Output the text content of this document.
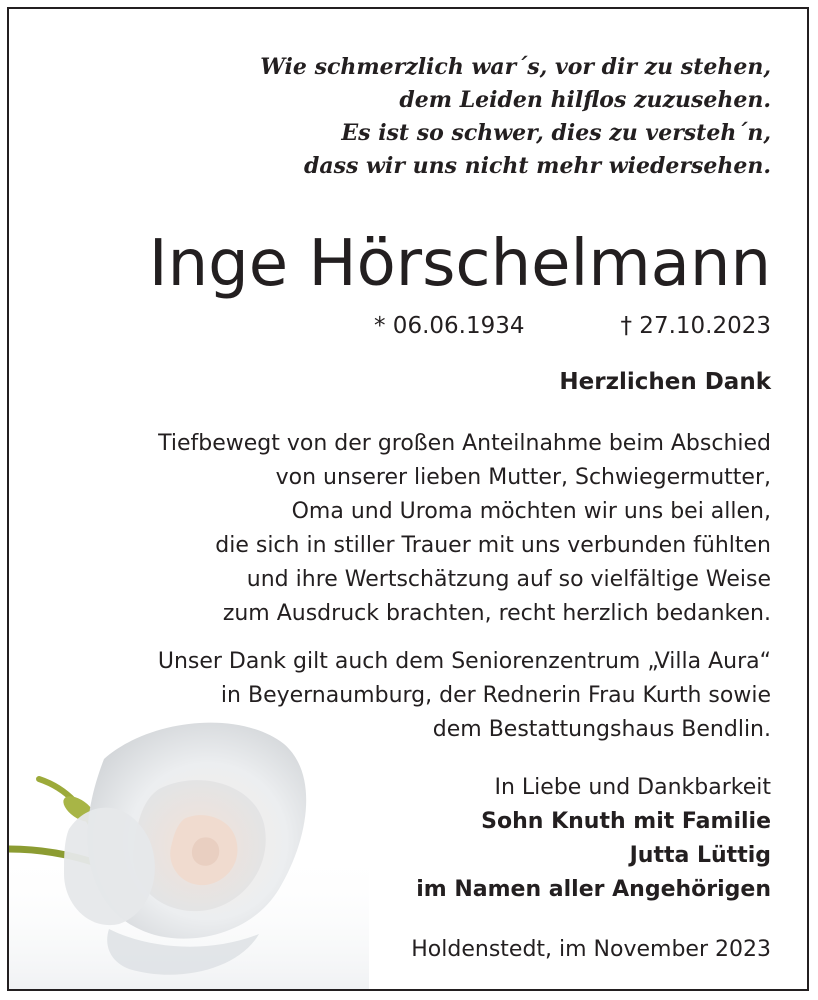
Wie schmerzlich war´s, vor dir zu stehen,
dem Leiden hilflos zuzusehen.
Es ist so schwer, dies zu versteh´n,
dass wir uns nicht mehr wiedersehen.
Inge Hörschelmann
* 06.06.1934	† 27.10.2023
Herzlichen Dank
Tiefbewegt von der großen Anteilnahme beim Abschied
von unserer lieben Mutter, Schwiegermutter,
Oma und Uroma möchten wir uns bei allen,
die sich in stiller Trauer mit uns verbunden fühlten
und ihre Wertschätzung auf so vielfältige Weise
zum Ausdruck brachten, recht herzlich bedanken.
Unser Dank gilt auch dem Seniorenzentrum „Villa Aura“
in Beyernaumburg, der Rednerin Frau Kurth sowie
dem Bestattungshaus Bendlin.
In Liebe und Dankbarkeit
Sohn Knuth mit Familie
Jutta Lüttig
im Namen aller Angehörigen
Holdenstedt, im November 2023
